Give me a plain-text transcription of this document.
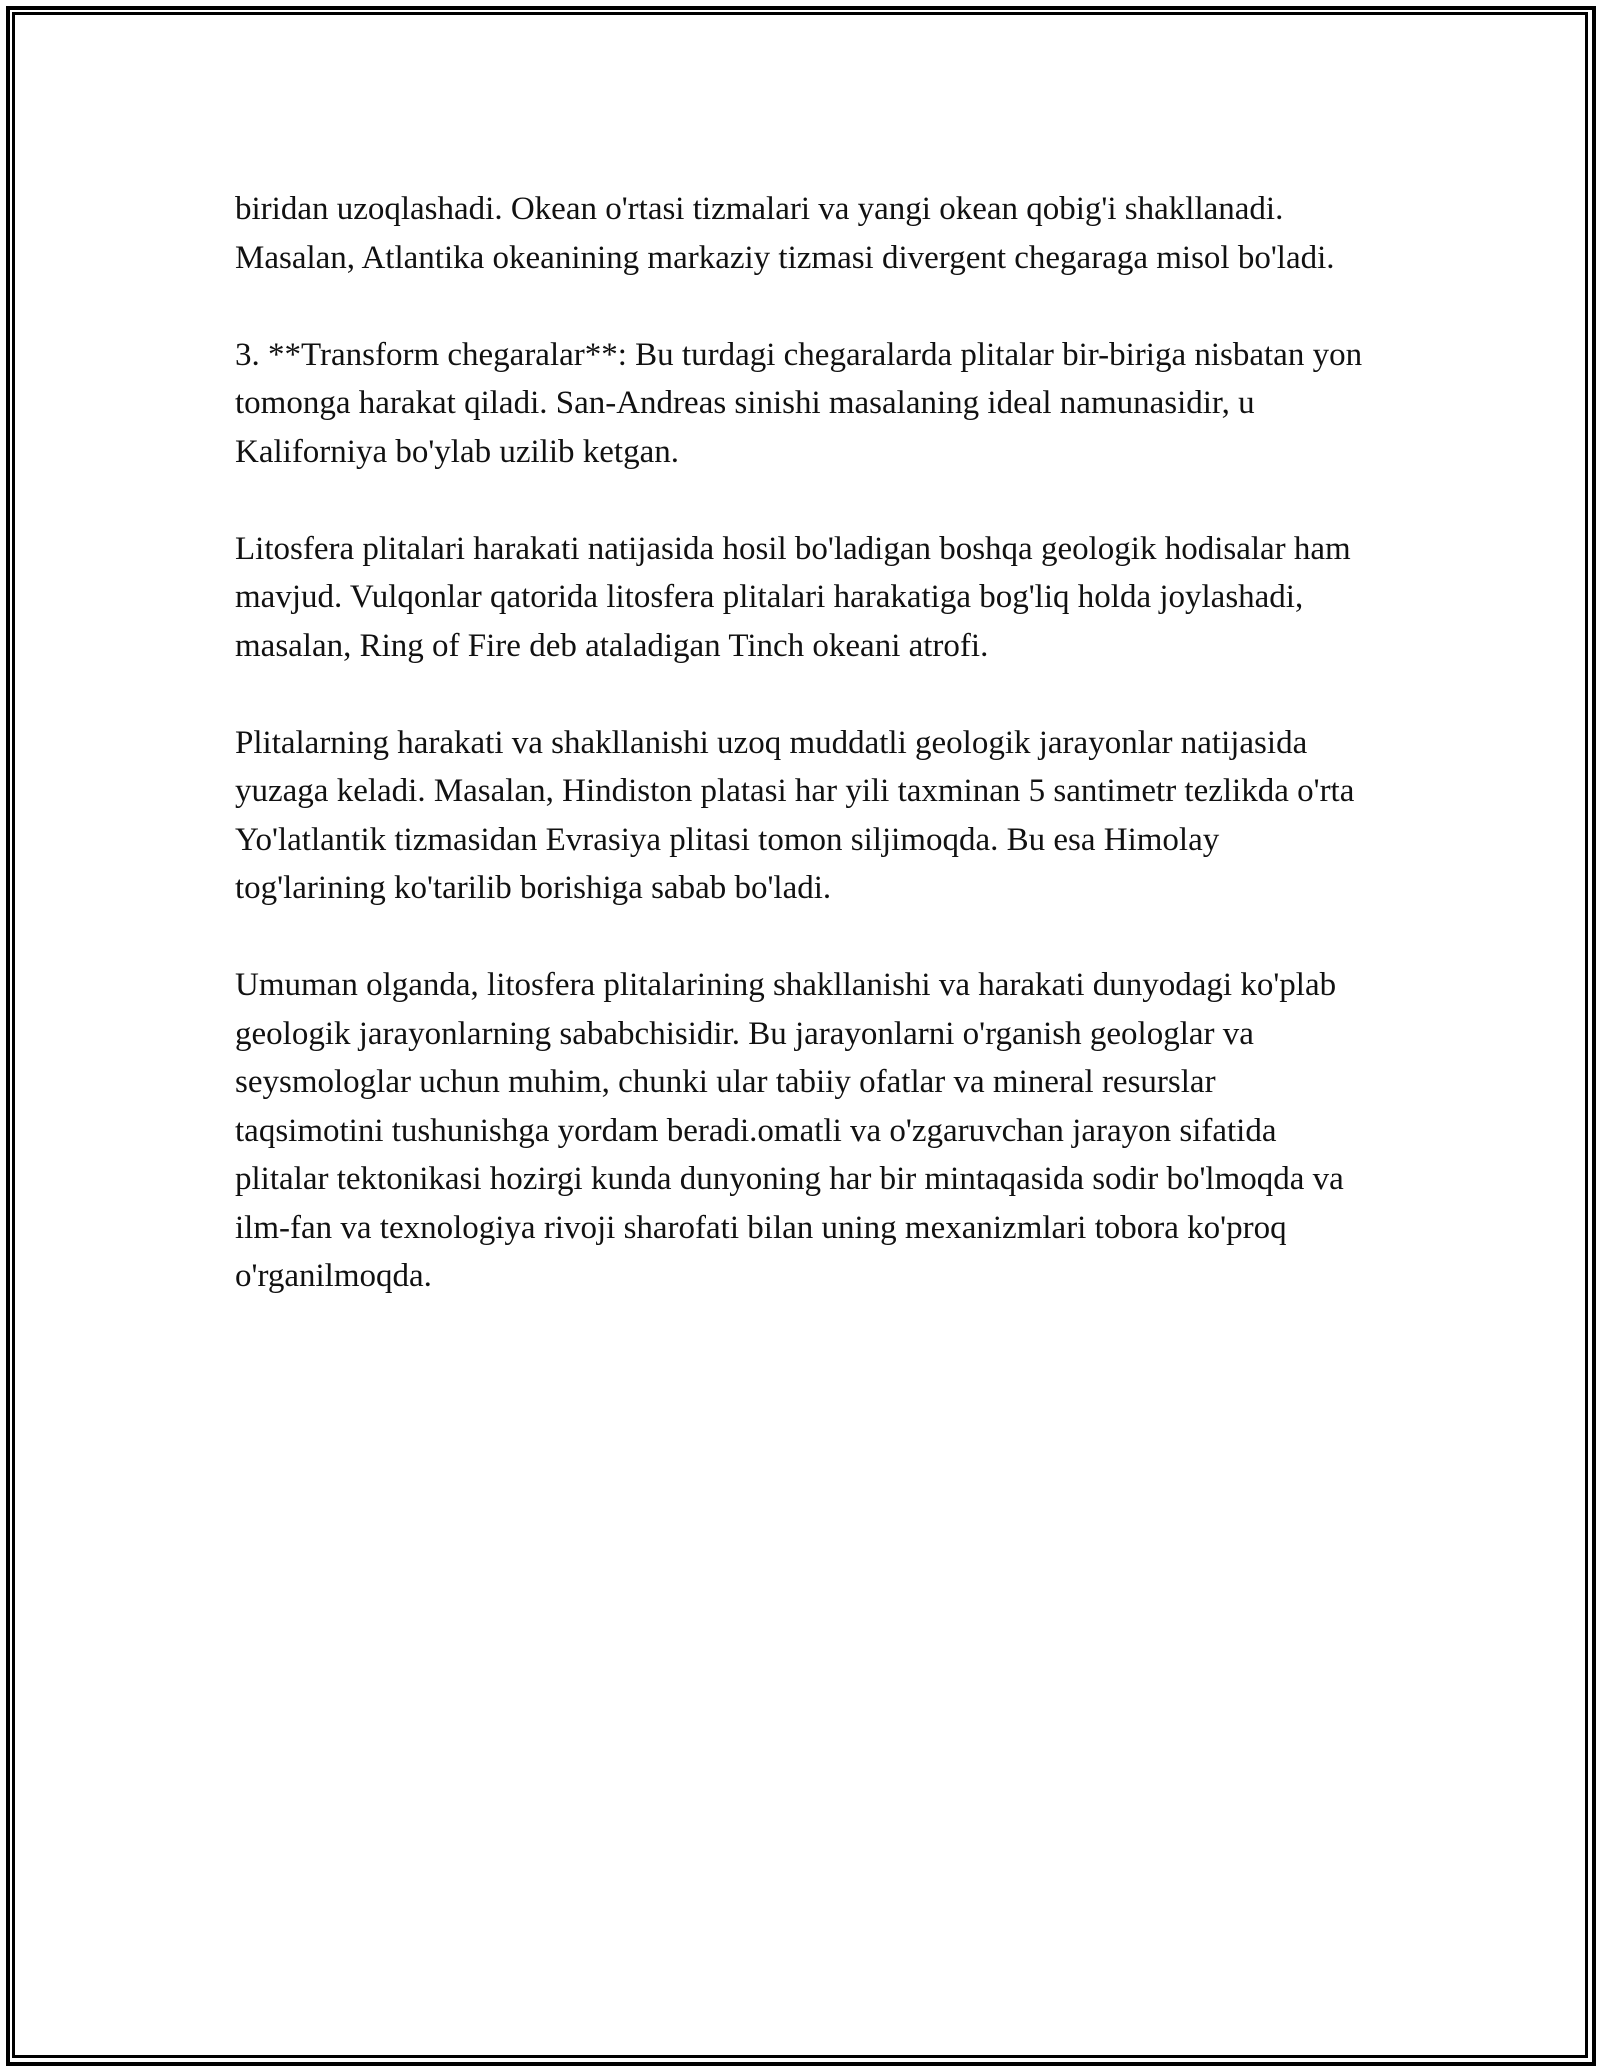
biridan uzoqlashadi. Okean o'rtasi tizmalari va yangi okean qobig'i shakllanadi. Masalan, Atlantika okeanining markaziy tizmasi divergent chegaraga misol bo'ladi.

3. **Transform chegaralar**: Bu turdagi chegaralarda plitalar bir-biriga nisbatan yon tomonga harakat qiladi. San-Andreas sinishi masalaning ideal namunasidir, u Kaliforniya bo'ylab uzilib ketgan.

Litosfera plitalari harakati natijasida hosil bo'ladigan boshqa geologik hodisalar ham mavjud. Vulqonlar qatorida litosfera plitalari harakatiga bog'liq holda joylashadi, masalan, Ring of Fire deb ataladigan Tinch okeani atrofi.

Plitalarning harakati va shakllanishi uzoq muddatli geologik jarayonlar natijasida yuzaga keladi. Masalan, Hindiston platasi har yili taxminan 5 santimetr tezlikda o'rta Yo'latlantik tizmasidan Evrasiya plitasi tomon siljimoqda. Bu esa Himolay tog'larining ko'tarilib borishiga sabab bo'ladi.

Umuman olganda, litosfera plitalarining shakllanishi va harakati dunyodagi ko'plab geologik jarayonlarning sababchisidir. Bu jarayonlarni o'rganish geologlar va seysmologlar uchun muhim, chunki ular tabiiy ofatlar va mineral resurslar taqsimotini tushunishga yordam beradi.omatli va o'zgaruvchan jarayon sifatida plitalar tektonikasi hozirgi kunda dunyoning har bir mintaqasida sodir bo'lmoqda va ilm-fan va texnologiya rivoji sharofati bilan uning mexanizmlari tobora ko'proq o'rganilmoqda.
